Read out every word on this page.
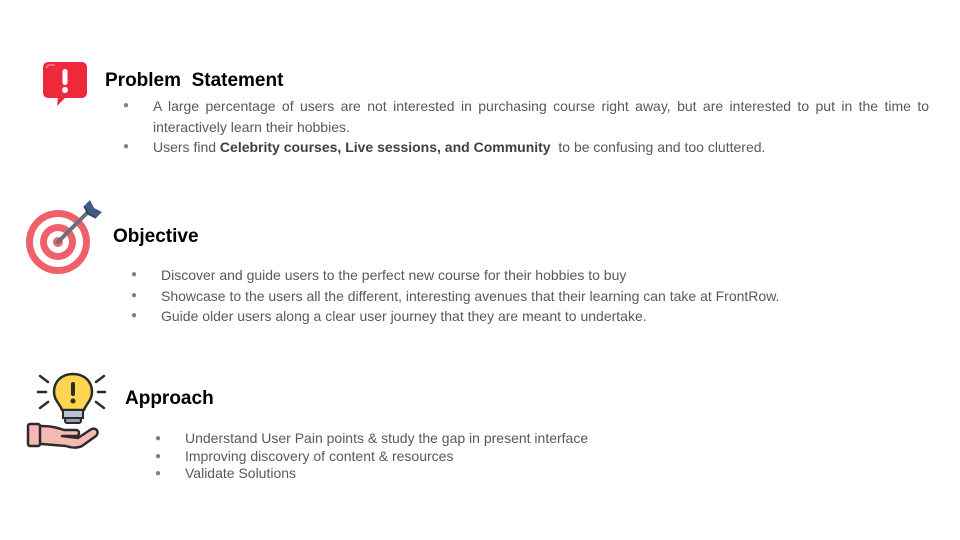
Problem  Statement
● A large percentage of users are not interested in purchasing course right away, but are interested to put in the time to interactively learn their hobbies.
● Users find Celebrity courses, Live sessions, and Community  to be confusing and too cluttered.
Objective
● Discover and guide users to the perfect new course for their hobbies to buy
● Showcase to the users all the different, interesting avenues that their learning can take at FrontRow.
● Guide older users along a clear user journey that they are meant to undertake.
Approach
● Understand User Pain points & study the gap in present interface
● Improving discovery of content & resources
● Validate Solutions
